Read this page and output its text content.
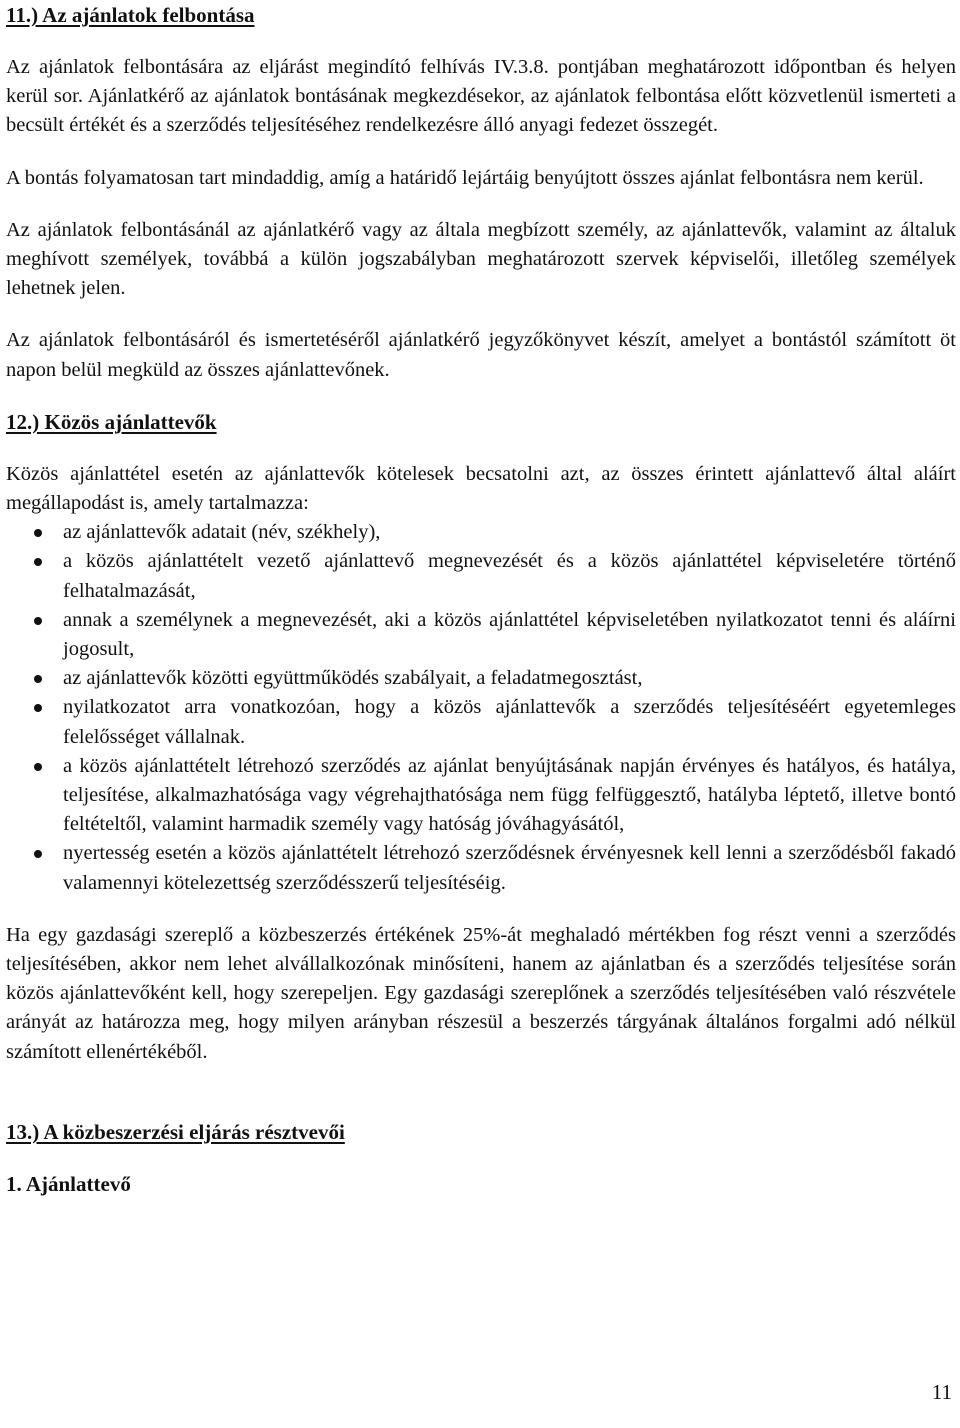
11.) Az ajánlatok felbontása

Az ajánlatok felbontására az eljárást megindító felhívás IV.3.8. pontjában meghatározott időpontban és helyen kerül sor. Ajánlatkérő az ajánlatok bontásának megkezdésekor, az ajánlatok felbontása előtt közvetlenül ismerteti a becsült értékét és a szerződés teljesítéséhez rendelkezésre álló anyagi fedezet összegét.

A bontás folyamatosan tart mindaddig, amíg a határidő lejártáig benyújtott összes ajánlat felbontásra nem kerül.

Az ajánlatok felbontásánál az ajánlatkérő vagy az általa megbízott személy, az ajánlattevők, valamint az általuk meghívott személyek, továbbá a külön jogszabályban meghatározott szervek képviselői, illetőleg személyek lehetnek jelen.

Az ajánlatok felbontásáról és ismertetéséről ajánlatkérő jegyzőkönyvet készít, amelyet a bontástól számított öt napon belül megküld az összes ajánlattevőnek.

12.) Közös ajánlattevők

Közös ajánlattétel esetén az ajánlattevők kötelesek becsatolni azt, az összes érintett ajánlattevő által aláírt megállapodást is, amely tartalmazza:

az ajánlattevők adatait (név, székhely),
a közös ajánlattételt vezető ajánlattevő megnevezését és a közös ajánlattétel képviseletére történő felhatalmazását,
annak a személynek a megnevezését, aki a közös ajánlattétel képviseletében nyilatkozatot tenni és aláírni jogosult,
az ajánlattevők közötti együttműködés szabályait, a feladatmegosztást,
nyilatkozatot arra vonatkozóan, hogy a közös ajánlattevők a szerződés teljesítéséért egyetemleges felelősséget vállalnak.
a közös ajánlattételt létrehozó szerződés az ajánlat benyújtásának napján érvényes és hatályos, és hatálya, teljesítése, alkalmazhatósága vagy végrehajthatósága nem függ felfüggesztő, hatályba léptető, illetve bontó feltételtől, valamint harmadik személy vagy hatóság jóváhagyásától,
nyertesség esetén a közös ajánlattételt létrehozó szerződésnek érvényesnek kell lenni a szerződésből fakadó valamennyi kötelezettség szerződésszerű teljesítéséig.

Ha egy gazdasági szereplő a közbeszerzés értékének 25%-át meghaladó mértékben fog részt venni a szerződés teljesítésében, akkor nem lehet alvállalkozónak minősíteni, hanem az ajánlatban és a szerződés teljesítése során közös ajánlattevőként kell, hogy szerepeljen. Egy gazdasági szereplőnek a szerződés teljesítésében való részvétele arányát az határozza meg, hogy milyen arányban részesül a beszerzés tárgyának általános forgalmi adó nélkül számított ellenértékéből.

13.) A közbeszerzési eljárás résztvevői
1. Ajánlattevő
11
